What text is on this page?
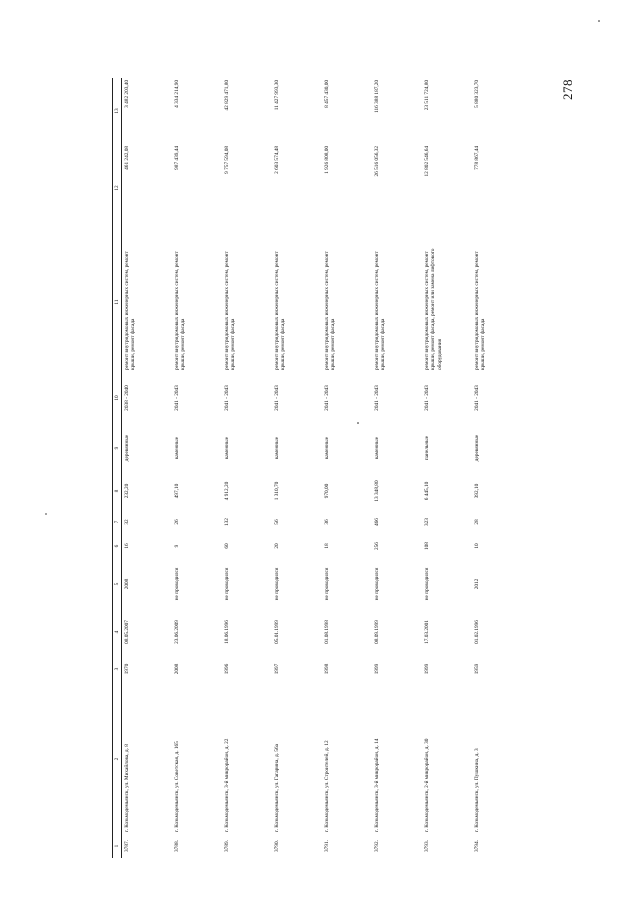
278
1	2	3	4	5	6	7	8	9	10	11	12	13
3787.	г. Козьмодемьянск, ул. Михайлова, д. 8	1970	08.05.2007	2008	16	32	232,20	деревянные	2038 - 2040	ремонт внутридомовых инженерных систем, ремонт крыши, ремонт фасада	461 242,08	3 482 203,40
3788.	г. Козьмодемьянск, ул. Советская, д. 165	2008	23.06.2009	не проводился	9	26	497,10	каменные	2041 - 2043	ремонт внутридомовых инженерных систем, ремонт крыши, ремонт фасада	987 439,44	4 334 214,90
3789.	г. Козьмодемьянск, 3-й микрорайон, д. 22	1996	18.06.1996	не проводился	60	132	4 912,20	каменные	2041 - 2043	ремонт внутридомовых инженерных систем, ремонт крыши, ремонт фасада	9 757 594,08	42 829 471,80
3790.	г. Козьмодемьянск, ул. Гагарина, д. 56а	1997	05.01.1999	не проводился	20	56	1 310,70	каменные	2041 - 2043	ремонт внутридомовых инженерных систем, ремонт крыши, ремонт фасада	2 603 574,48	11 427 993,30
3791.	г. Козьмодемьянск, ул. Строителей, д. 12	1998	01.08.1998	не проводился	18	36	970,00	каменные	2041 - 2043	ремонт внутридомовых инженерных систем, ремонт крыши, ремонт фасада	1 926 808,00	8 457 430,00
3792.	г. Козьмодемьянск, 3-й микрорайон, д. 14	1999	08.09.1999	не проводился	256	466	13 348,80	каменные	2041 - 2043	ремонт внутридомовых инженерных систем, ремонт крыши, ремонт фасада	26 516 056,32	116 388 187,20
3793.	г. Козьмодемьянск, 2-й микрорайон, д. 30	1999	17.03.2001	не проводился	108	323	6 445,10	панельные	2041 - 2043	ремонт внутридомовых инженерных систем, ремонт крыши, ремонт фасада, ремонт или замена лифтового оборудования	12 802 546,64	23 511 724,80
3794.	г. Козьмодемьянск, ул. Пушкина, д. 3	1959	01.02.1996	2012	10	28	392,10	деревянные	2041 - 2043	ремонт внутридомовых инженерных систем, ремонт крыши, ремонт фасада	778 867,44	5 880 323,70
